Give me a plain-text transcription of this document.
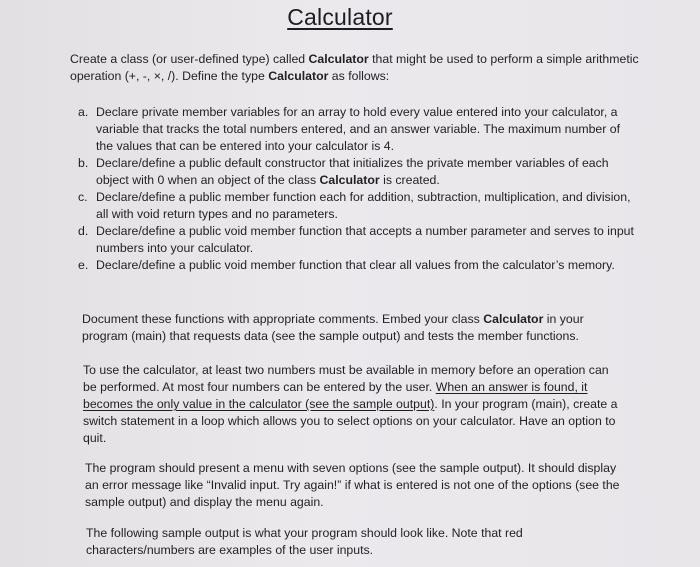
Calculator
Create a class (or user-defined type) called Calculator that might be used to perform a simple arithmetic operation (+, -, ×, /). Define the type Calculator as follows:
a. Declare private member variables for an array to hold every value entered into your calculator, a variable that tracks the total numbers entered, and an answer variable. The maximum number of the values that can be entered into your calculator is 4.
b. Declare/define a public default constructor that initializes the private member variables of each object with 0 when an object of the class Calculator is created.
c. Declare/define a public member function each for addition, subtraction, multiplication, and division, all with void return types and no parameters.
d. Declare/define a public void member function that accepts a number parameter and serves to input numbers into your calculator.
e. Declare/define a public void member function that clear all values from the calculator’s memory.
Document these functions with appropriate comments. Embed your class Calculator in your program (main) that requests data (see the sample output) and tests the member functions.
To use the calculator, at least two numbers must be available in memory before an operation can be performed. At most four numbers can be entered by the user. When an answer is found, it becomes the only value in the calculator (see the sample output). In your program (main), create a switch statement in a loop which allows you to select options on your calculator. Have an option to quit.
The program should present a menu with seven options (see the sample output). It should display an error message like “Invalid input. Try again!” if what is entered is not one of the options (see the sample output) and display the menu again.
The following sample output is what your program should look like. Note that red characters/numbers are examples of the user inputs.
